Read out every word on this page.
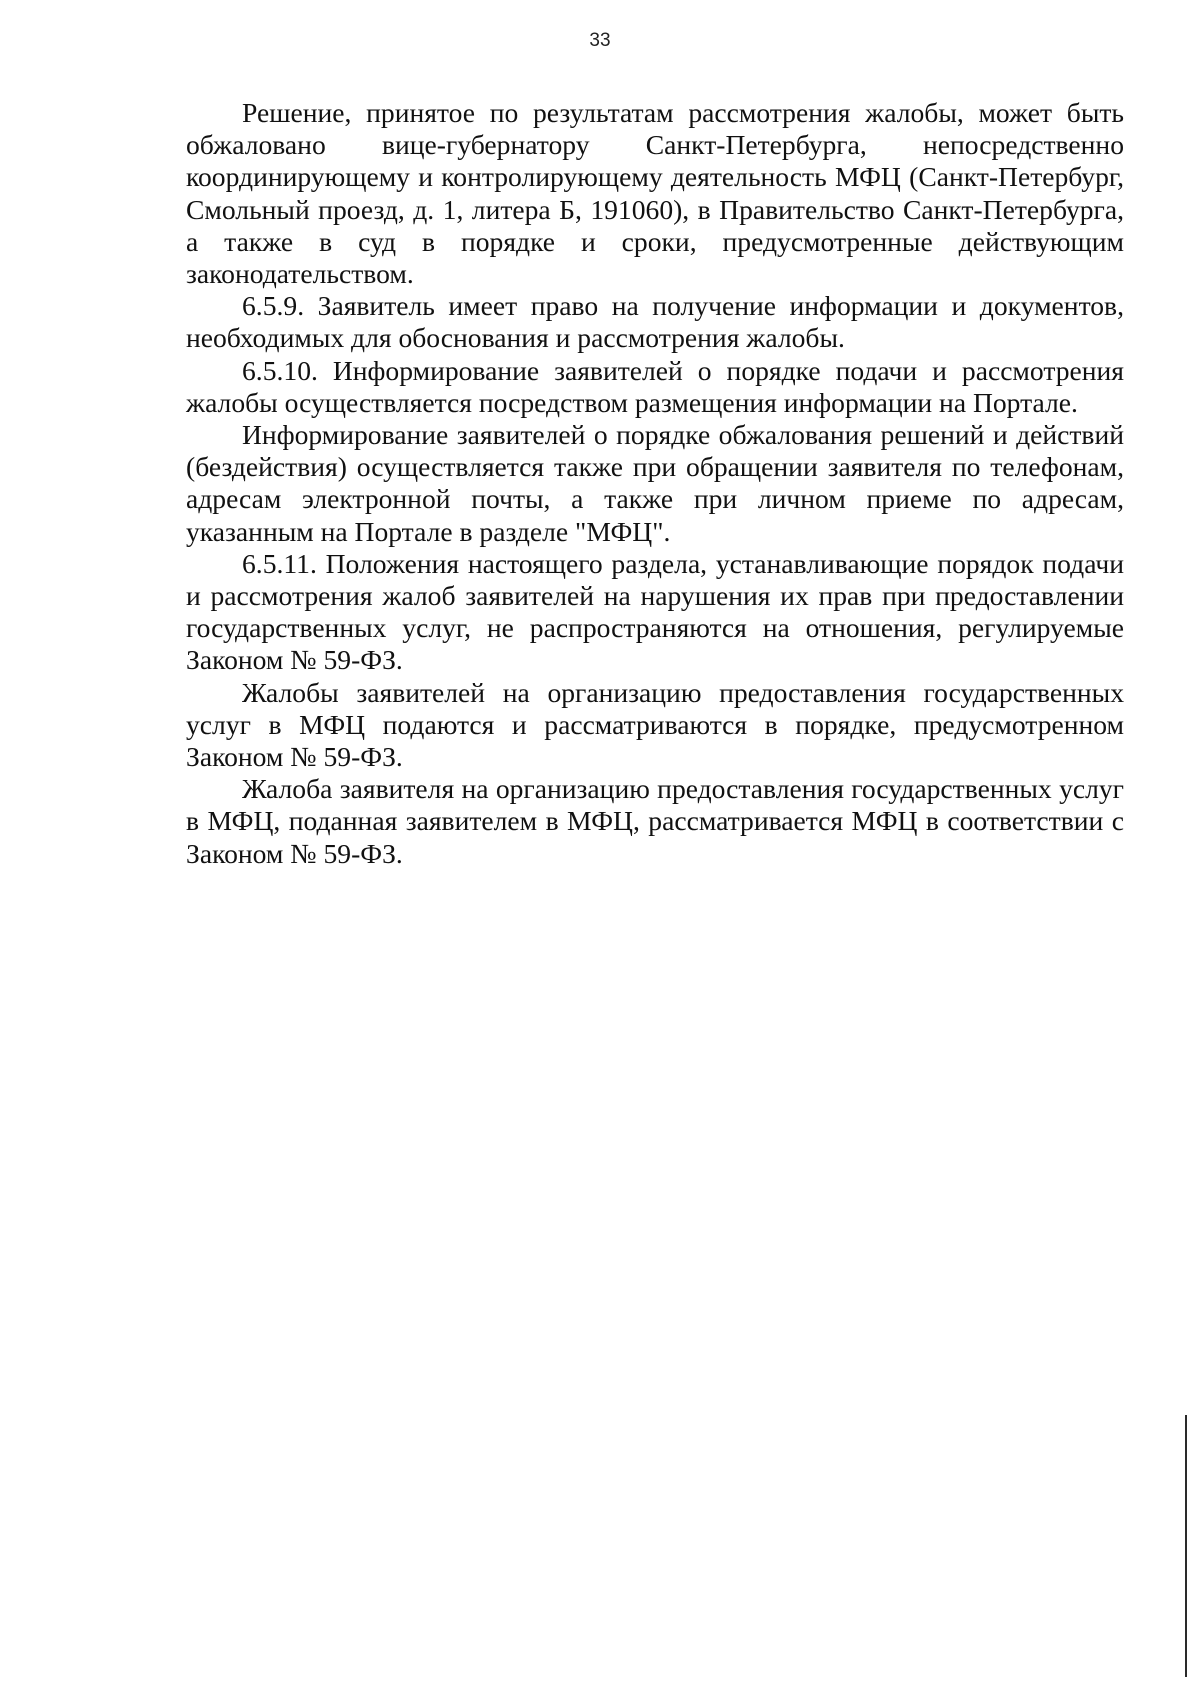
33

Решение, принятое по результатам рассмотрения жалобы, может быть обжаловано вице-губернатору Санкт-Петербурга, непосредственно координирующему и контролирующему деятельность МФЦ (Санкт-Петербург, Смольный проезд, д. 1, литера Б, 191060), в Правительство Санкт-Петербурга, а также в суд в порядке и сроки, предусмотренные действующим законодательством.

6.5.9. Заявитель имеет право на получение информации и документов, необходимых для обоснования и рассмотрения жалобы.

6.5.10. Информирование заявителей о порядке подачи и рассмотрения жалобы осуществляется посредством размещения информации на Портале.

Информирование заявителей о порядке обжалования решений и действий (бездействия) осуществляется также при обращении заявителя по телефонам, адресам электронной почты, а также при личном приеме по адресам, указанным на Портале в разделе "МФЦ".

6.5.11. Положения настоящего раздела, устанавливающие порядок подачи и рассмотрения жалоб заявителей на нарушения их прав при предоставлении государственных услуг, не распространяются на отношения, регулируемые Законом № 59-ФЗ.

Жалобы заявителей на организацию предоставления государственных услуг в МФЦ подаются и рассматриваются в порядке, предусмотренном Законом № 59-ФЗ.

Жалоба заявителя на организацию предоставления государственных услуг в МФЦ, поданная заявителем в МФЦ, рассматривается МФЦ в соответствии с Законом № 59-ФЗ.
